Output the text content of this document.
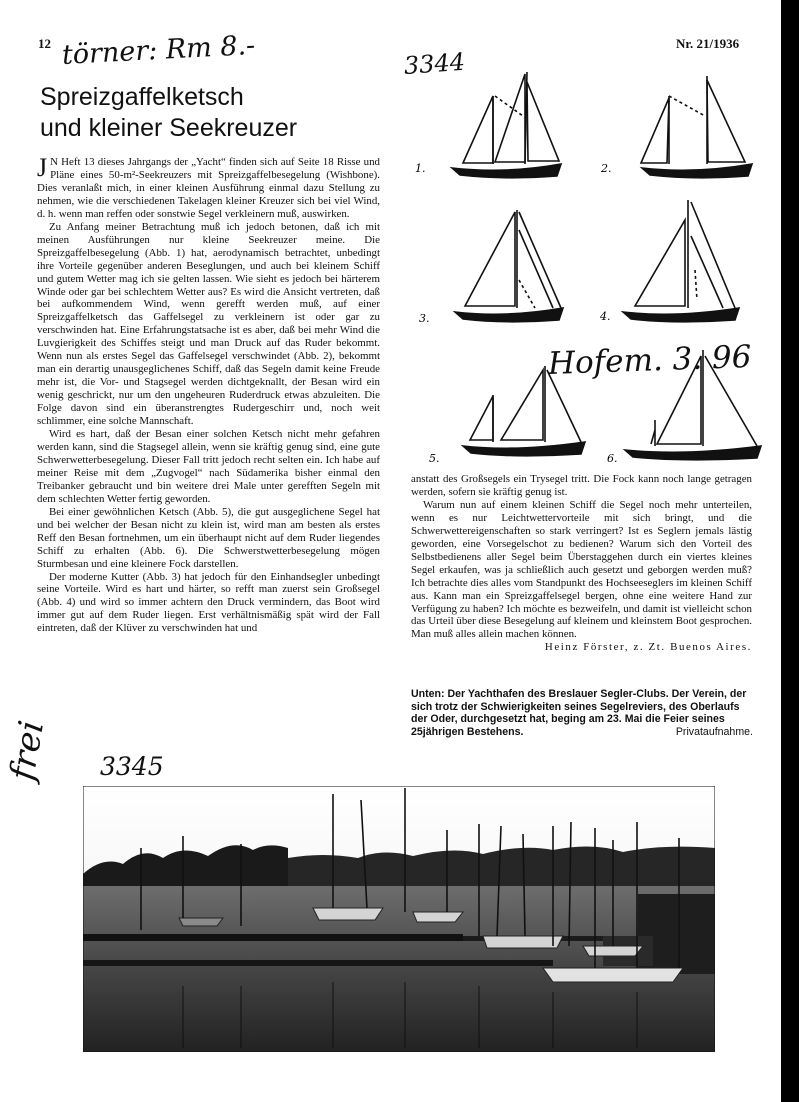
12	Nr. 21/1936
törner: Rm 8.-	3344
Hofem. 3. 96
frei 3345
Spreizgaffelketsch
und kleiner Seekreuzer

JN Heft 13 dieses Jahrgangs der „Yacht“ finden sich auf Seite 18 Risse und Pläne eines 50-m²-Seekreuzers mit Spreizgaffelbesegelung (Wishbone). Dies veranlaßt mich, in einer kleinen Ausführung einmal dazu Stellung zu nehmen, wie die verschiedenen Takelagen kleiner Kreuzer sich bei viel Wind, d. h. wenn man reffen oder sonstwie Segel verkleinern muß, auswirken.

Zu Anfang meiner Betrachtung muß ich jedoch betonen, daß ich mit meinen Ausführungen nur kleine Seekreuzer meine. Die Spreizgaffelbesegelung (Abb. 1) hat, aerodynamisch betrachtet, unbedingt ihre Vorteile gegenüber anderen Beseglungen, und auch bei kleinem Schiff und gutem Wetter mag ich sie gelten lassen. Wie sieht es jedoch bei härterem Winde oder gar bei schlechtem Wetter aus? Es wird die Ansicht vertreten, daß bei aufkommendem Wind, wenn gerefft werden muß, auf einer Spreizgaffelketsch das Gaffelsegel zu verkleinern ist oder gar zu verschwinden hat. Eine Erfahrungstatsache ist es aber, daß bei mehr Wind die Luvgierigkeit des Schiffes steigt und man Druck auf das Ruder bekommt. Wenn nun als erstes Segel das Gaffelsegel verschwindet (Abb. 2), bekommt man ein derartig unausgeglichenes Schiff, daß das Segeln damit keine Freude mehr ist, die Vor- und Stagsegel werden dichtgeknallt, der Besan wird ein wenig geschrickt, nur um den ungeheuren Ruderdruck etwas abzuleiten. Die Folge davon sind ein überanstrengtes Rudergeschirr und, noch weit schlimmer, eine solche Mannschaft.

Wird es hart, daß der Besan einer solchen Ketsch nicht mehr gefahren werden kann, sind die Stagsegel allein, wenn sie kräftig genug sind, eine gute Schwerwetterbesegelung. Dieser Fall tritt jedoch recht selten ein. Ich habe auf meiner Reise mit dem „Zugvogel“ nach Südamerika bisher einmal den Treibanker gebraucht und bin weitere drei Male unter gerefften Segeln mit dem schlechten Wetter fertig geworden.

Bei einer gewöhnlichen Ketsch (Abb. 5), die gut ausgeglichene Segel hat und bei welcher der Besan nicht zu klein ist, wird man am besten als erstes Reff den Besan fortnehmen, um ein überhaupt nicht auf dem Ruder liegendes Schiff zu erhalten (Abb. 6). Die Schwerstwetterbesegelung mögen Sturmbesan und eine kleinere Fock darstellen.

Der moderne Kutter (Abb. 3) hat jedoch für den Einhandsegler unbedingt seine Vorteile. Wird es hart und härter, so refft man zuerst sein Großsegel (Abb. 4) und wird so immer achtern den Druck vermindern, das Boot wird immer gut auf dem Ruder liegen. Erst verhältnismäßig spät wird der Fall eintreten, daß der Klüver zu verschwinden hat und

1.	2.
3.	4.
5.	6.

anstatt des Großsegels ein Trysegel tritt. Die Fock kann noch lange getragen werden, sofern sie kräftig genug ist.

Warum nun auf einem kleinen Schiff die Segel noch mehr unterteilen, wenn es nur Leichtwettervorteile mit sich bringt, und die Schwerwettereigenschaften so stark verringert? Ist es Seglern jemals lästig geworden, eine Vorsegelschot zu bedienen? Warum sich den Vorteil des Selbstbedienens aller Segel beim Überstaggehen durch ein viertes kleines Segel erkaufen, was ja schließlich auch gesetzt und geborgen werden muß? Ich betrachte dies alles vom Standpunkt des Hochseeseglers im kleinen Schiff aus. Kann man ein Spreizgaffelsegel bergen, ohne eine weitere Hand zur Verfügung zu haben? Ich möchte es bezweifeln, und damit ist vielleicht schon das Urteil über diese Besegelung auf kleinem und kleinstem Boot gesprochen. Man muß alles allein machen können.

Heinz Förster, z. Zt. Buenos Aires.

Unten: Der Yachthafen des Breslauer Segler-Clubs. Der Verein, der sich trotz der Schwierigkeiten seines Segelreviers, des Oberlaufs der Oder, durchgesetzt hat, beging am 23. Mai die Feier seines 25jährigen Bestehens.	Privataufnahme.
